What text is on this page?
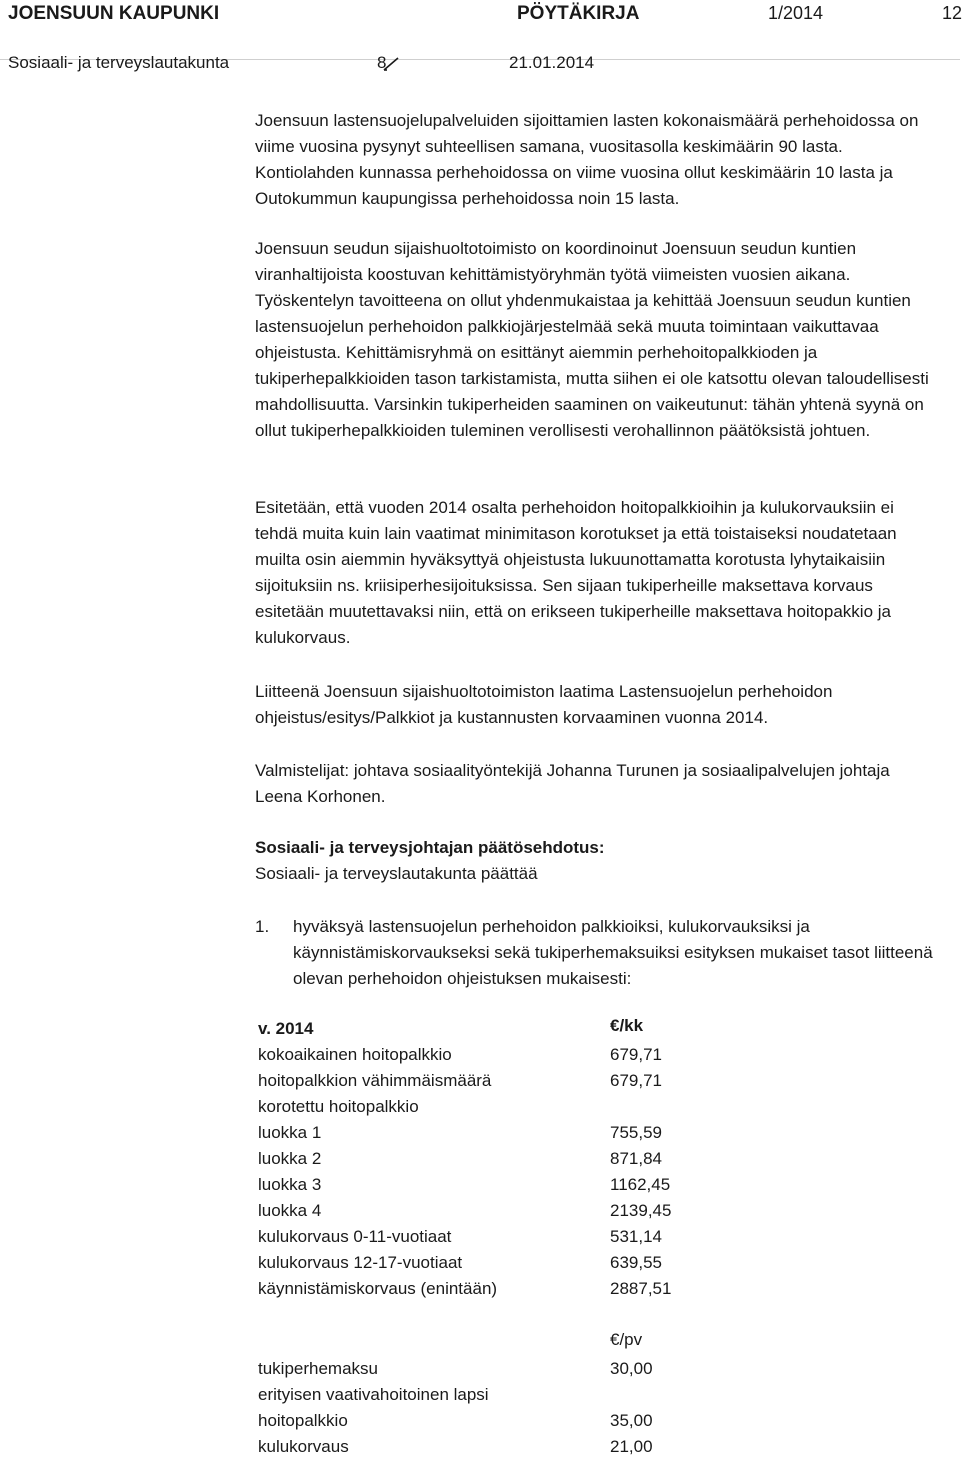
JOENSUUN KAUPUNKI	PÖYTÄKIRJA	1/2014	12
Sosiaali- ja terveyslautakunta	8	21.01.2014

Joensuun lastensuojelupalveluiden sijoittamien lasten kokonaismäärä perhehoidossa on viime vuosina pysynyt suhteellisen samana, vuositasolla keskimäärin 90 lasta. Kontiolahden kunnassa perhehoidossa on viime vuosina ollut keskimäärin 10 lasta ja Outokummun kaupungissa perhehoidossa noin 15 lasta.

Joensuun seudun sijaishuoltotoimisto on koordinoinut Joensuun seudun kuntien viranhaltijoista koostuvan kehittämistyöryhmän työtä viimeisten vuosien aikana. Työskentelyn tavoitteena on ollut yhdenmukaistaa ja kehittää Joensuun seudun kuntien lastensuojelun perhehoidon palkkiojärjestelmää sekä muuta toimintaan vaikuttavaa ohjeistusta. Kehittämisryhmä on esittänyt aiemmin perhehoitopalkkioden ja tukiperhepalkkioiden tason tarkistamista, mutta siihen ei ole katsottu olevan taloudellisesti mahdollisuutta. Varsinkin tukiperheiden saaminen on vaikeutunut: tähän yhtenä syynä on ollut tukiperhepalkkioiden tuleminen verollisesti verohallinnon päätöksistä johtuen.

Esitetään, että vuoden 2014 osalta perhehoidon hoitopalkkioihin ja kulukorvauksiin ei tehdä muita kuin lain vaatimat minimitason korotukset ja että toistaiseksi noudatetaan muilta osin aiemmin hyväksyttyä ohjeistusta lukuunottamatta korotusta lyhytaikaisiin sijoituksiin ns. kriisiperhesijoituksissa. Sen sijaan tukiperheille maksettava korvaus esitetään muutettavaksi niin, että on erikseen tukiperheille maksettava hoitopakkio ja kulukorvaus.

Liitteenä Joensuun sijaishuoltotoimiston laatima Lastensuojelun perhehoidon ohjeistus/esitys/Palkkiot ja kustannusten korvaaminen vuonna 2014.

Valmistelijat: johtava sosiaalityöntekijä Johanna Turunen ja sosiaalipalvelujen johtaja Leena Korhonen.

Sosiaali- ja terveysjohtajan päätösehdotus:

Sosiaali- ja terveyslautakunta päättää

1. hyväksyä lastensuojelun perhehoidon palkkioiksi, kulukorvauksiksi ja käynnistämiskorvaukseksi sekä tukiperhemaksuiksi esityksen mukaiset tasot liitteenä olevan perhehoidon ohjeistuksen mukaisesti:
€/kk
v. 2014
kokoaikainen hoitopalkkio	679,71
hoitopalkkion vähimmäismäärä	679,71
korotettu hoitopalkkio
luokka 1	755,59
luokka 2	871,84
luokka 3	1162,45
luokka 4	2139,45
kulukorvaus 0-11-vuotiaat	531,14
kulukorvaus 12-17-vuotiaat	639,55
käynnistämiskorvaus (enintään)	2887,51
€/pv
tukiperhemaksu	30,00
erityisen vaativahoitoinen lapsi
hoitopalkkio	35,00
kulukorvaus	21,00
